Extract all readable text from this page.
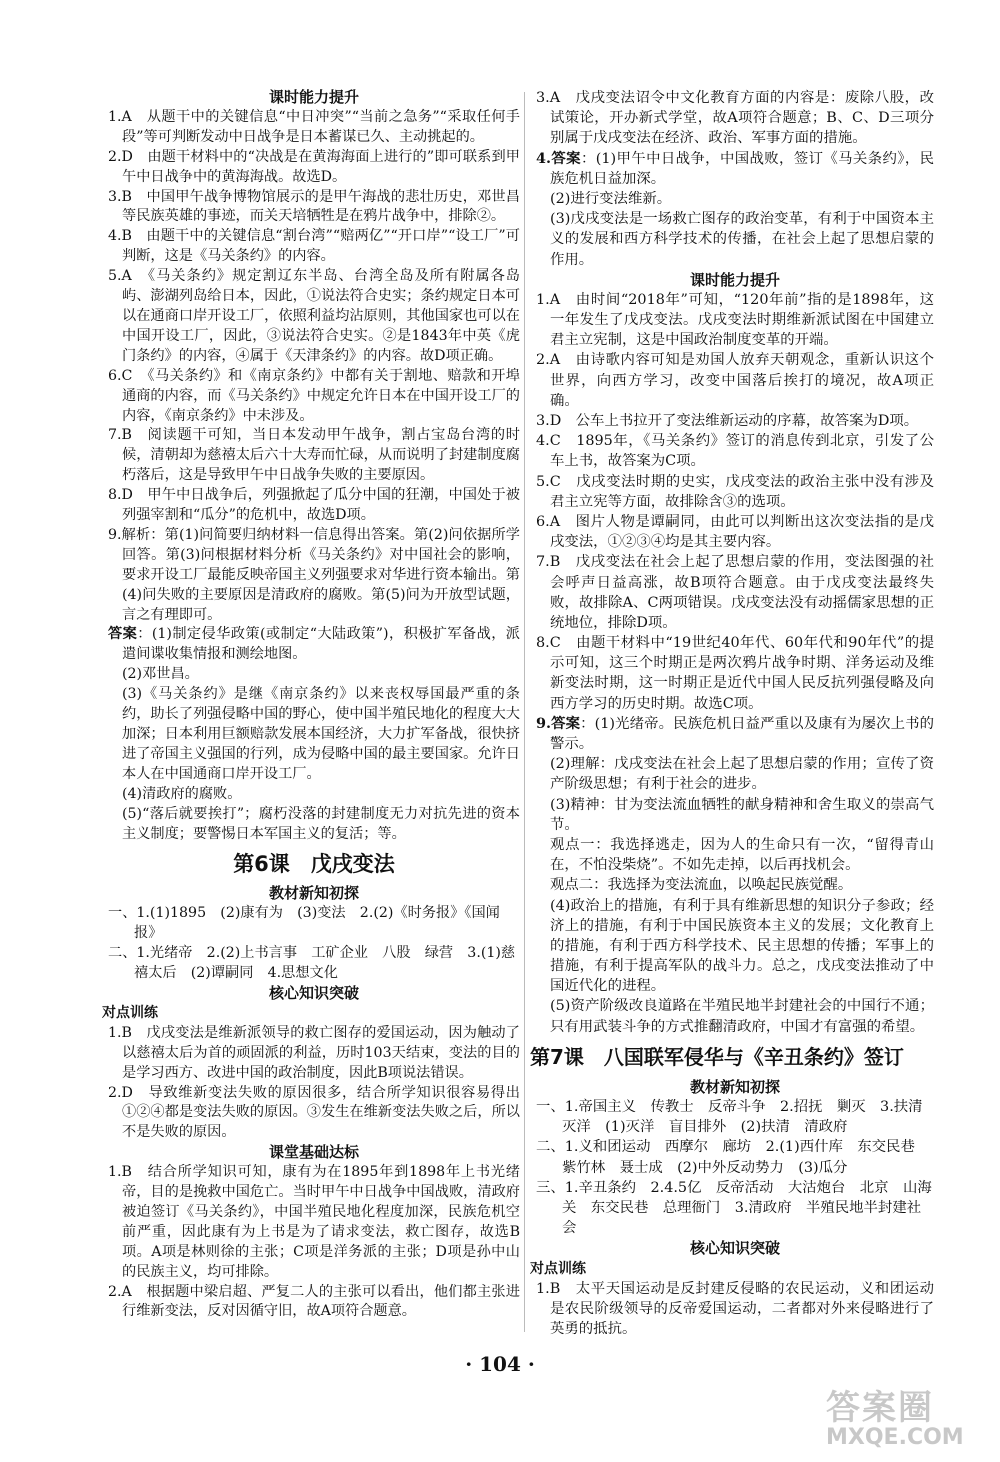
课时能力提升
1.A　从题干中的关键信息“中日冲突”“当前之急务”“采取任何手段”等可判断发动中日战争是日本蓄谋已久、主动挑起的。
2.D　由题干材料中的“决战是在黄海海面上进行的”即可联系到甲午中日战争中的黄海海战。故选D。
3.B　中国甲午战争博物馆展示的是甲午海战的悲壮历史，邓世昌等民族英雄的事迹，而关天培牺牲是在鸦片战争中，排除②。
4.B　由题干中的关键信息“割台湾”“赔两亿”“开口岸”“设工厂”可判断，这是《马关条约》的内容。
5.A　《马关条约》规定割辽东半岛、台湾全岛及所有附属各岛屿、澎湖列岛给日本，因此，①说法符合史实；条约规定日本可以在通商口岸开设工厂，依照利益均沾原则，其他国家也可以在中国开设工厂，因此，③说法符合史实。②是1843年中英《虎门条约》的内容，④属于《天津条约》的内容。故D项正确。
6.C　《马关条约》和《南京条约》中都有关于割地、赔款和开埠通商的内容，而《马关条约》中规定允许日本在中国开设工厂的内容，《南京条约》中未涉及。
7.B　阅读题干可知，当日本发动甲午战争，割占宝岛台湾的时候，清朝却为慈禧太后六十大寿而忙碌，从而说明了封建制度腐朽落后，这是导致甲午中日战争失败的主要原因。
8.D　甲午中日战争后，列强掀起了瓜分中国的狂潮，中国处于被列强宰割和“瓜分”的危机中，故选D项。
9.解析：第(1)问简要归纳材料一信息得出答案。第(2)问依据所学回答。第(3)问根据材料分析《马关条约》对中国社会的影响，要求开设工厂最能反映帝国主义列强要求对华进行资本输出。第(4)问失败的主要原因是清政府的腐败。第(5)问为开放型试题，言之有理即可。
答案：(1)制定侵华政策(或制定“大陆政策”)，积极扩军备战，派遣间谍收集情报和测绘地图。
(2)邓世昌。
(3)《马关条约》是继《南京条约》以来丧权辱国最严重的条约，助长了列强侵略中国的野心，使中国半殖民地化的程度大大加深；日本利用巨额赔款发展本国经济，大力扩军备战，很快挤进了帝国主义强国的行列，成为侵略中国的最主要国家。允许日本人在中国通商口岸开设工厂。
(4)清政府的腐败。
(5)“落后就要挨打”；腐朽没落的封建制度无力对抗先进的资本主义制度；要警惕日本军国主义的复活；等。
第6课　戊戌变法
教材新知初探
一、1.(1)1895　(2)康有为　(3)变法　2.(2)《时务报》《国闻报》
二、1.光绪帝　2.(2)上书言事　工矿企业　八股　绿营　3.(1)慈禧太后　(2)谭嗣同　4.思想文化
核心知识突破
对点训练
1.B　戊戌变法是维新派领导的救亡图存的爱国运动，因为触动了以慈禧太后为首的顽固派的利益，历时103天结束，变法的目的是学习西方、改进中国的政治制度，因此B项说法错误。
2.D　导致维新变法失败的原因很多，结合所学知识很容易得出①②④都是变法失败的原因。③发生在维新变法失败之后，所以不是失败的原因。
课堂基础达标
1.B　结合所学知识可知，康有为在1895年到1898年上书光绪帝，目的是挽救中国危亡。当时甲午中日战争中国战败，清政府被迫签订《马关条约》，中国半殖民地化程度加深，民族危机空前严重，因此康有为上书是为了请求变法，救亡图存，故选B项。A项是林则徐的主张；C项是洋务派的主张；D项是孙中山的民族主义，均可排除。
2.A　根据题中梁启超、严复二人的主张可以看出，他们都主张进行维新变法，反对因循守旧，故A项符合题意。
3.A　戊戌变法诏令中文化教育方面的内容是：废除八股，改试策论，开办新式学堂，故A项符合题意；B、C、D三项分别属于戊戌变法在经济、政治、军事方面的措施。
4.答案：(1)甲午中日战争，中国战败，签订《马关条约》，民族危机日益加深。
(2)进行变法维新。
(3)戊戌变法是一场救亡图存的政治变革，有利于中国资本主义的发展和西方科学技术的传播，在社会上起了思想启蒙的作用。
课时能力提升
1.A　由时间“2018年”可知，“120年前”指的是1898年，这一年发生了戊戌变法。戊戌变法时期维新派试图在中国建立君主立宪制，这是中国政治制度变革的开端。
2.A　由诗歌内容可知是劝国人放弃天朝观念，重新认识这个世界，向西方学习，改变中国落后挨打的境况，故A项正确。
3.D　公车上书拉开了变法维新运动的序幕，故答案为D项。
4.C　1895年，《马关条约》签订的消息传到北京，引发了公车上书，故答案为C项。
5.C　戊戌变法时期的史实，戊戌变法的政治主张中没有涉及君主立宪等方面，故排除含③的选项。
6.A　图片人物是谭嗣同，由此可以判断出这次变法指的是戊戌变法，①②③④均是其主要内容。
7.B　戊戌变法在社会上起了思想启蒙的作用，变法图强的社会呼声日益高涨，故B项符合题意。由于戊戌变法最终失败，故排除A、C两项错误。戊戌变法没有动摇儒家思想的正统地位，排除D项。
8.C　由题干材料中“19世纪40年代、60年代和90年代”的提示可知，这三个时期正是两次鸦片战争时期、洋务运动及维新变法时期，这一时期正是近代中国人民反抗列强侵略及向西方学习的历史时期。故选C项。
9.答案：(1)光绪帝。民族危机日益严重以及康有为屡次上书的警示。
(2)理解：戊戌变法在社会上起了思想启蒙的作用；宣传了资产阶级思想；有利于社会的进步。
(3)精神：甘为变法流血牺牲的献身精神和舍生取义的崇高气节。
观点一：我选择逃走，因为人的生命只有一次，“留得青山在，不怕没柴烧”。不如先走掉，以后再找机会。
观点二：我选择为变法流血，以唤起民族觉醒。
(4)政治上的措施，有利于具有维新思想的知识分子参政；经济上的措施，有利于中国民族资本主义的发展；文化教育上的措施，有利于西方科学技术、民主思想的传播；军事上的措施，有利于提高军队的战斗力。总之，戊戌变法推动了中国近代化的进程。
(5)资产阶级改良道路在半殖民地半封建社会的中国行不通；只有用武装斗争的方式推翻清政府，中国才有富强的希望。
第7课　八国联军侵华与《辛丑条约》签订
教材新知初探
一、1.帝国主义　传教士　反帝斗争　2.招抚　剿灭　3.扶清灭洋　(1)灭洋　盲目排外　(2)扶清　清政府
二、1.义和团运动　西摩尔　廊坊　2.(1)西什库　东交民巷　紫竹林　聂士成　(2)中外反动势力　(3)瓜分
三、1.辛丑条约　2.4.5亿　反帝活动　大沽炮台　北京　山海关　东交民巷　总理衙门　3.清政府　半殖民地半封建社会
核心知识突破
对点训练
1.B　太平天国运动是反封建反侵略的农民运动，义和团运动是农民阶级领导的反帝爱国运动，二者都对外来侵略进行了英勇的抵抗。
· 104 ·
答案圈
MXQE.COM
